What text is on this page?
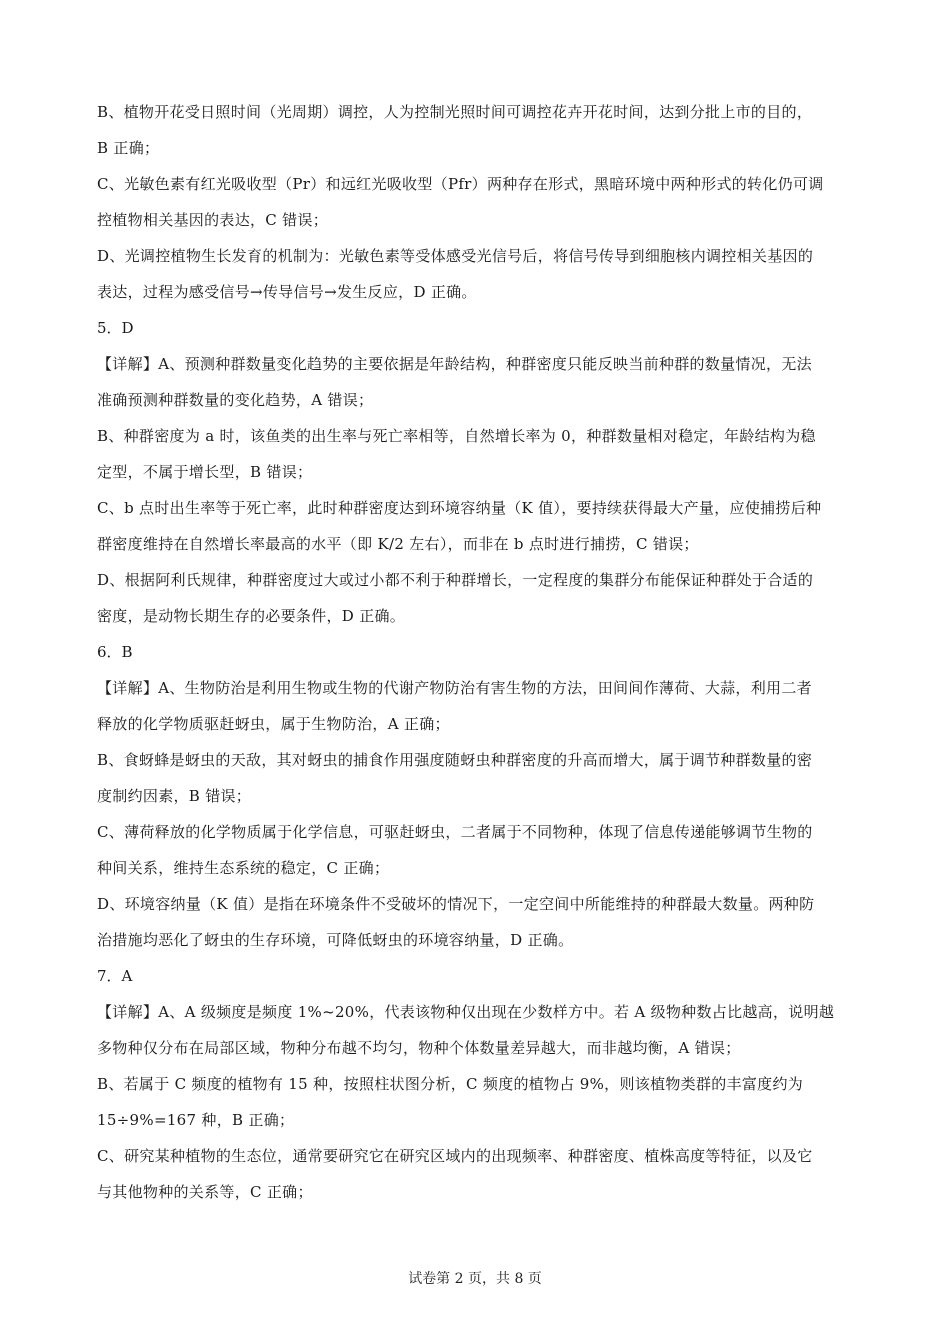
B、植物开花受日照时间（光周期）调控，人为控制光照时间可调控花卉开花时间，达到分批上市的目的，
B 正确；
C、光敏色素有红光吸收型（Pr）和远红光吸收型（Pfr）两种存在形式，黑暗环境中两种形式的转化仍可调
控植物相关基因的表达，C 错误；
D、光调控植物生长发育的机制为：光敏色素等受体感受光信号后，将信号传导到细胞核内调控相关基因的
表达，过程为感受信号→传导信号→发生反应，D 正确。
5．D
【详解】A、预测种群数量变化趋势的主要依据是年龄结构，种群密度只能反映当前种群的数量情况，无法
准确预测种群数量的变化趋势，A 错误；
B、种群密度为 a 时，该鱼类的出生率与死亡率相等，自然增长率为 0，种群数量相对稳定，年龄结构为稳
定型，不属于增长型，B 错误；
C、b 点时出生率等于死亡率，此时种群密度达到环境容纳量（K 值），要持续获得最大产量，应使捕捞后种
群密度维持在自然增长率最高的水平（即 K/2 左右），而非在 b 点时进行捕捞，C 错误；
D、根据阿利氏规律，种群密度过大或过小都不利于种群增长，一定程度的集群分布能保证种群处于合适的
密度，是动物长期生存的必要条件，D 正确。
6．B
【详解】A、生物防治是利用生物或生物的代谢产物防治有害生物的方法，田间间作薄荷、大蒜，利用二者
释放的化学物质驱赶蚜虫，属于生物防治，A 正确；
B、食蚜蜂是蚜虫的天敌，其对蚜虫的捕食作用强度随蚜虫种群密度的升高而增大，属于调节种群数量的密
度制约因素，B 错误；
C、薄荷释放的化学物质属于化学信息，可驱赶蚜虫，二者属于不同物种，体现了信息传递能够调节生物的
种间关系，维持生态系统的稳定，C 正确；
D、环境容纳量（K 值）是指在环境条件不受破坏的情况下，一定空间中所能维持的种群最大数量。两种防
治措施均恶化了蚜虫的生存环境，可降低蚜虫的环境容纳量，D 正确。
7．A
【详解】A、A 级频度是频度 1%~20%，代表该物种仅出现在少数样方中。若 A 级物种数占比越高，说明越
多物种仅分布在局部区域，物种分布越不均匀，物种个体数量差异越大，而非越均衡，A 错误；
B、若属于 C 频度的植物有 15 种，按照柱状图分析，C 频度的植物占 9%，则该植物类群的丰富度约为
15÷9%=167 种，B 正确；
C、研究某种植物的生态位，通常要研究它在研究区域内的出现频率、种群密度、植株高度等特征，以及它
与其他物种的关系等，C 正确；
试卷第 2 页，共 8 页
